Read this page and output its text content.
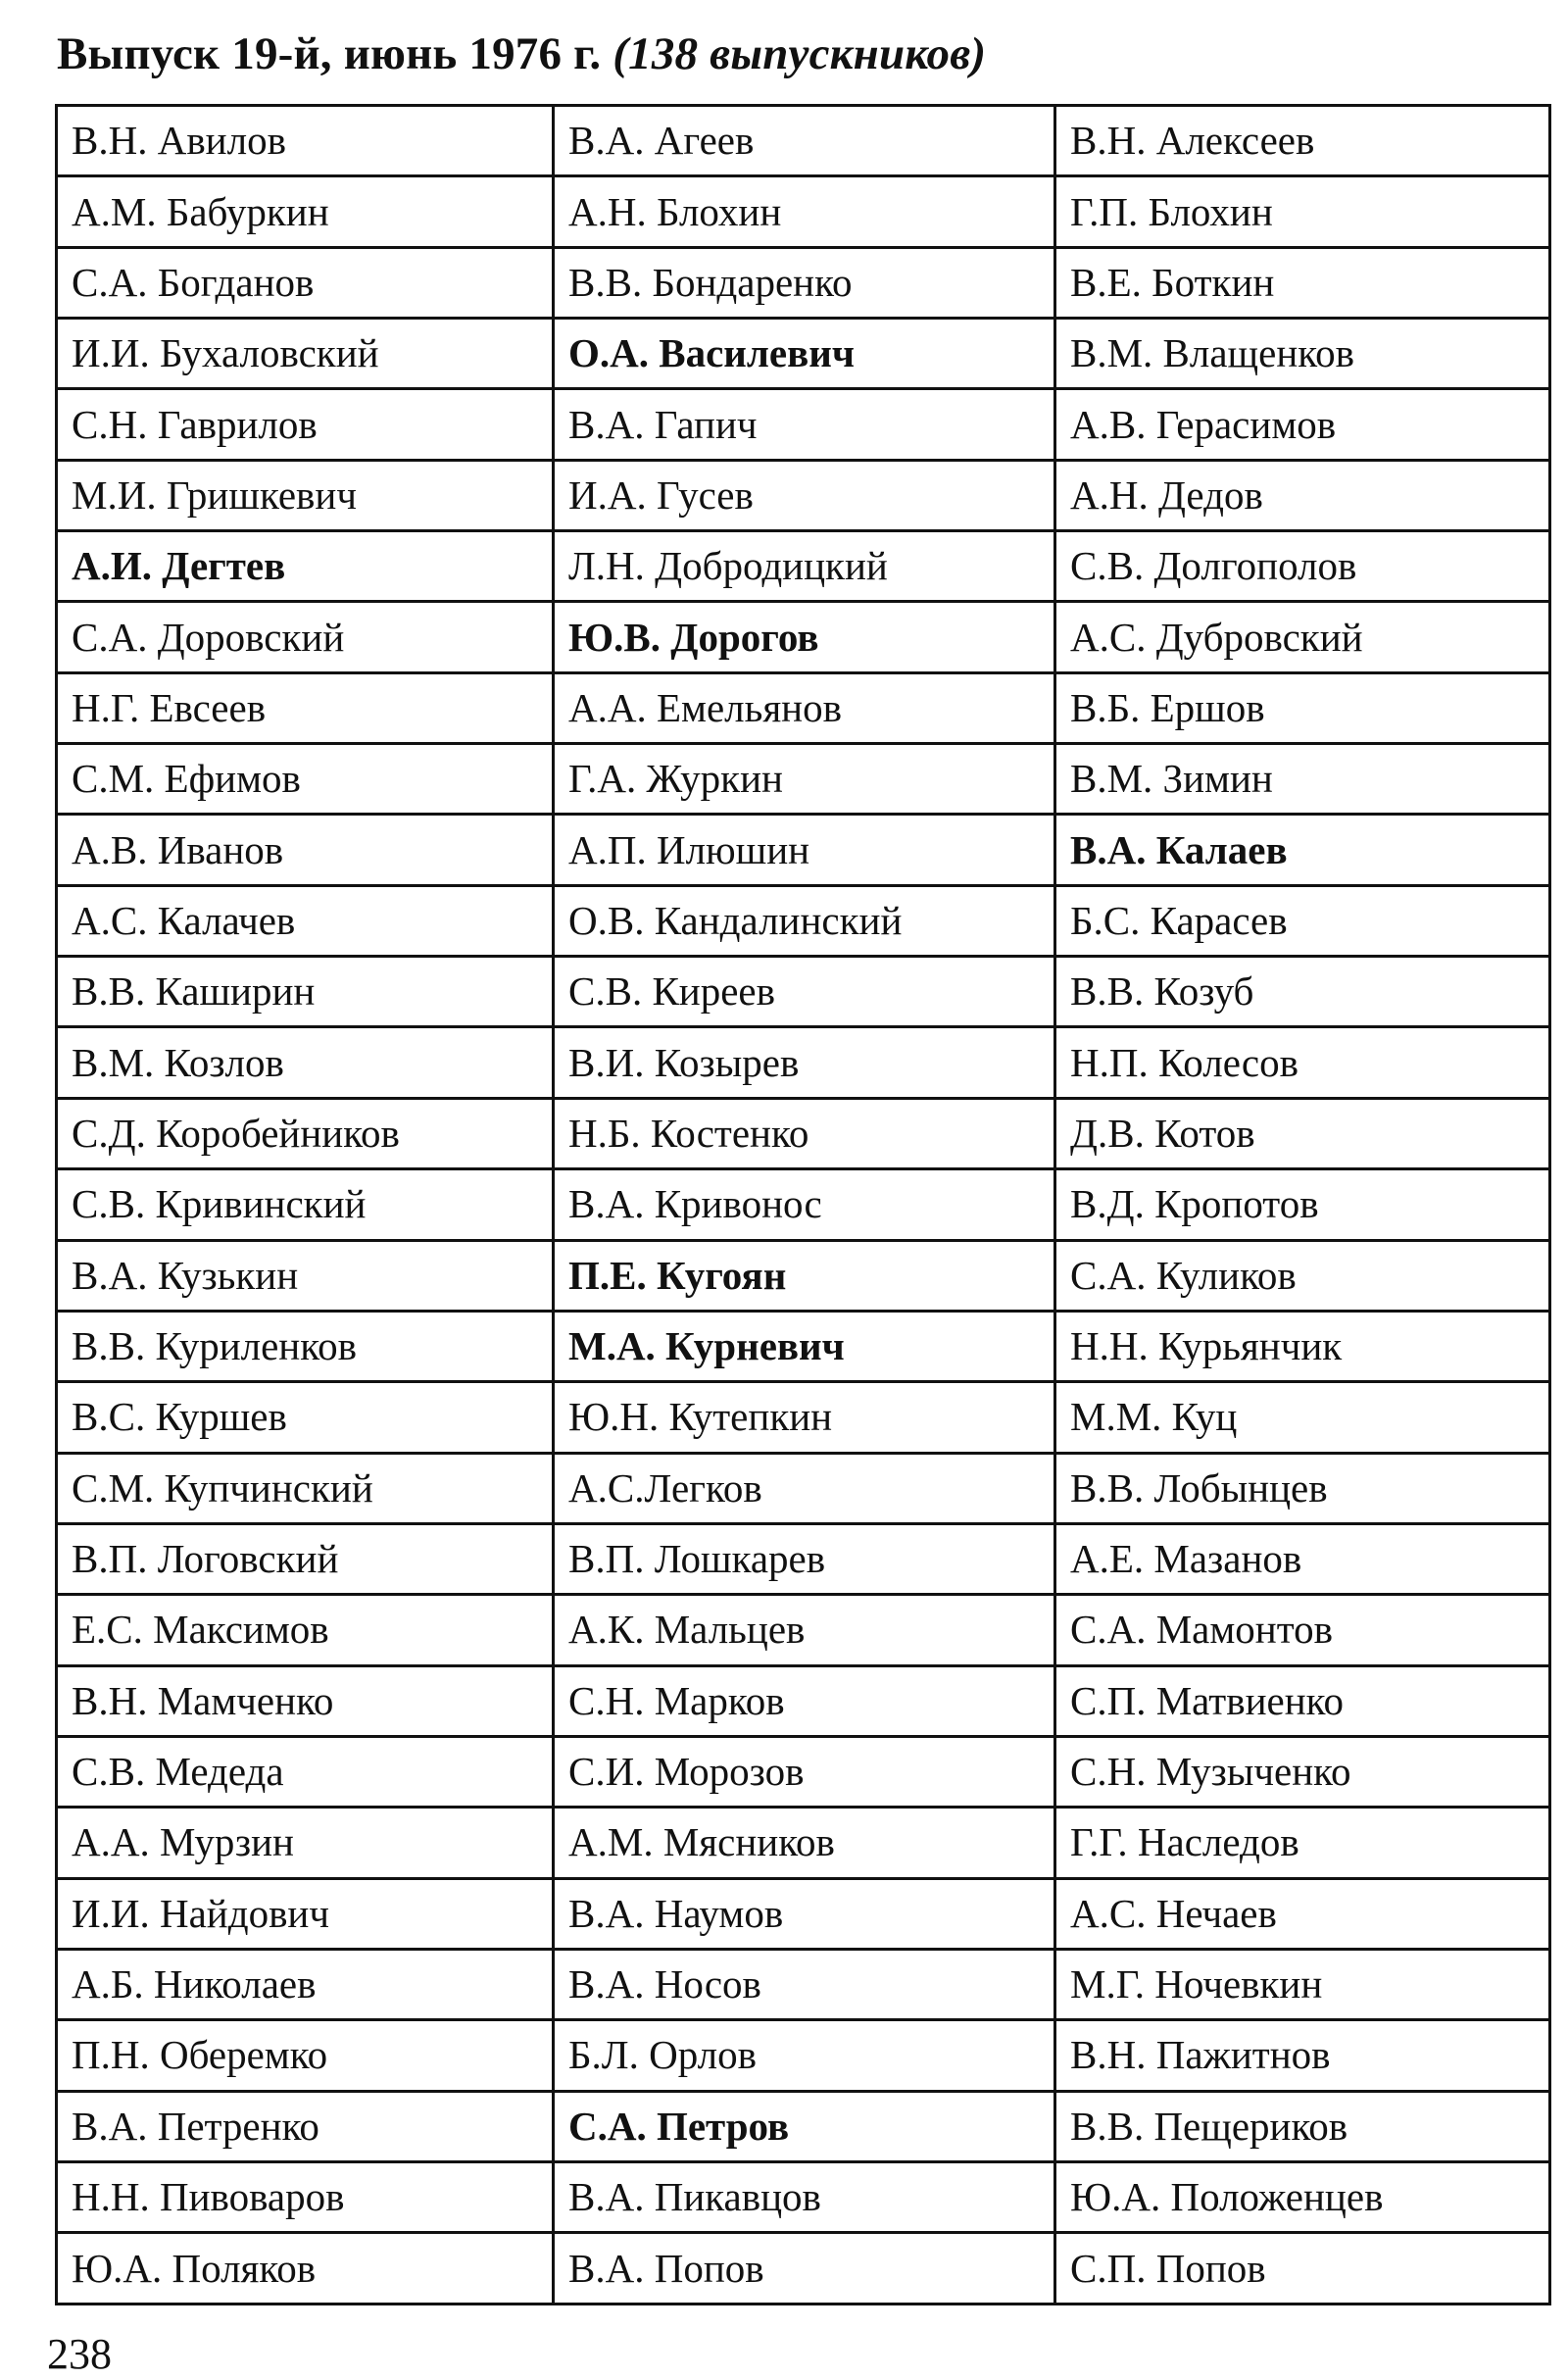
Выпуск 19-й, июнь 1976 г. (138 выпускников)
В.Н. Авилов	В.А. Агеев	В.Н. Алексеев
А.М. Бабуркин	А.Н. Блохин	Г.П. Блохин
С.А. Богданов	В.В. Бондаренко	В.Е. Боткин
И.И. Бухаловский	О.А. Василевич	В.М. Влащенков
С.Н. Гаврилов	В.А. Гапич	А.В. Герасимов
М.И. Гришкевич	И.А. Гусев	А.Н. Дедов
А.И. Дегтев	Л.Н. Добродицкий	С.В. Долгополов
С.А. Доровский	Ю.В. Дорогов	А.С. Дубровский
Н.Г. Евсеев	А.А. Емельянов	В.Б. Ершов
С.М. Ефимов	Г.А. Журкин	В.М. Зимин
А.В. Иванов	А.П. Илюшин	В.А. Калаев
А.С. Калачев	О.В. Кандалинский	Б.С. Карасев
В.В. Каширин	С.В. Киреев	В.В. Козуб
В.М. Козлов	В.И. Козырев	Н.П. Колесов
С.Д. Коробейников	Н.Б. Костенко	Д.В. Котов
С.В. Кривинский	В.А. Кривонос	В.Д. Кропотов
В.А. Кузькин	П.Е. Кугоян	С.А. Куликов
В.В. Куриленков	М.А. Курневич	Н.Н. Курьянчик
В.С. Куршев	Ю.Н. Кутепкин	М.М. Куц
С.М. Купчинский	А.С.Легков	В.В. Лобынцев
В.П. Логовский	В.П. Лошкарев	А.Е. Мазанов
Е.С. Максимов	А.К. Мальцев	С.А. Мамонтов
В.Н. Мамченко	С.Н. Марков	С.П. Матвиенко
С.В. Медеда	С.И. Морозов	С.Н. Музыченко
А.А. Мурзин	А.М. Мясников	Г.Г. Наследов
И.И. Найдович	В.А. Наумов	А.С. Нечаев
А.Б. Николаев	В.А. Носов	М.Г. Ночевкин
П.Н. Оберемко	Б.Л. Орлов	В.Н. Пажитнов
В.А. Петренко	С.А. Петров	В.В. Пещериков
Н.Н. Пивоваров	В.А. Пикавцов	Ю.А. Положенцев
Ю.А. Поляков	В.А. Попов	С.П. Попов
238
